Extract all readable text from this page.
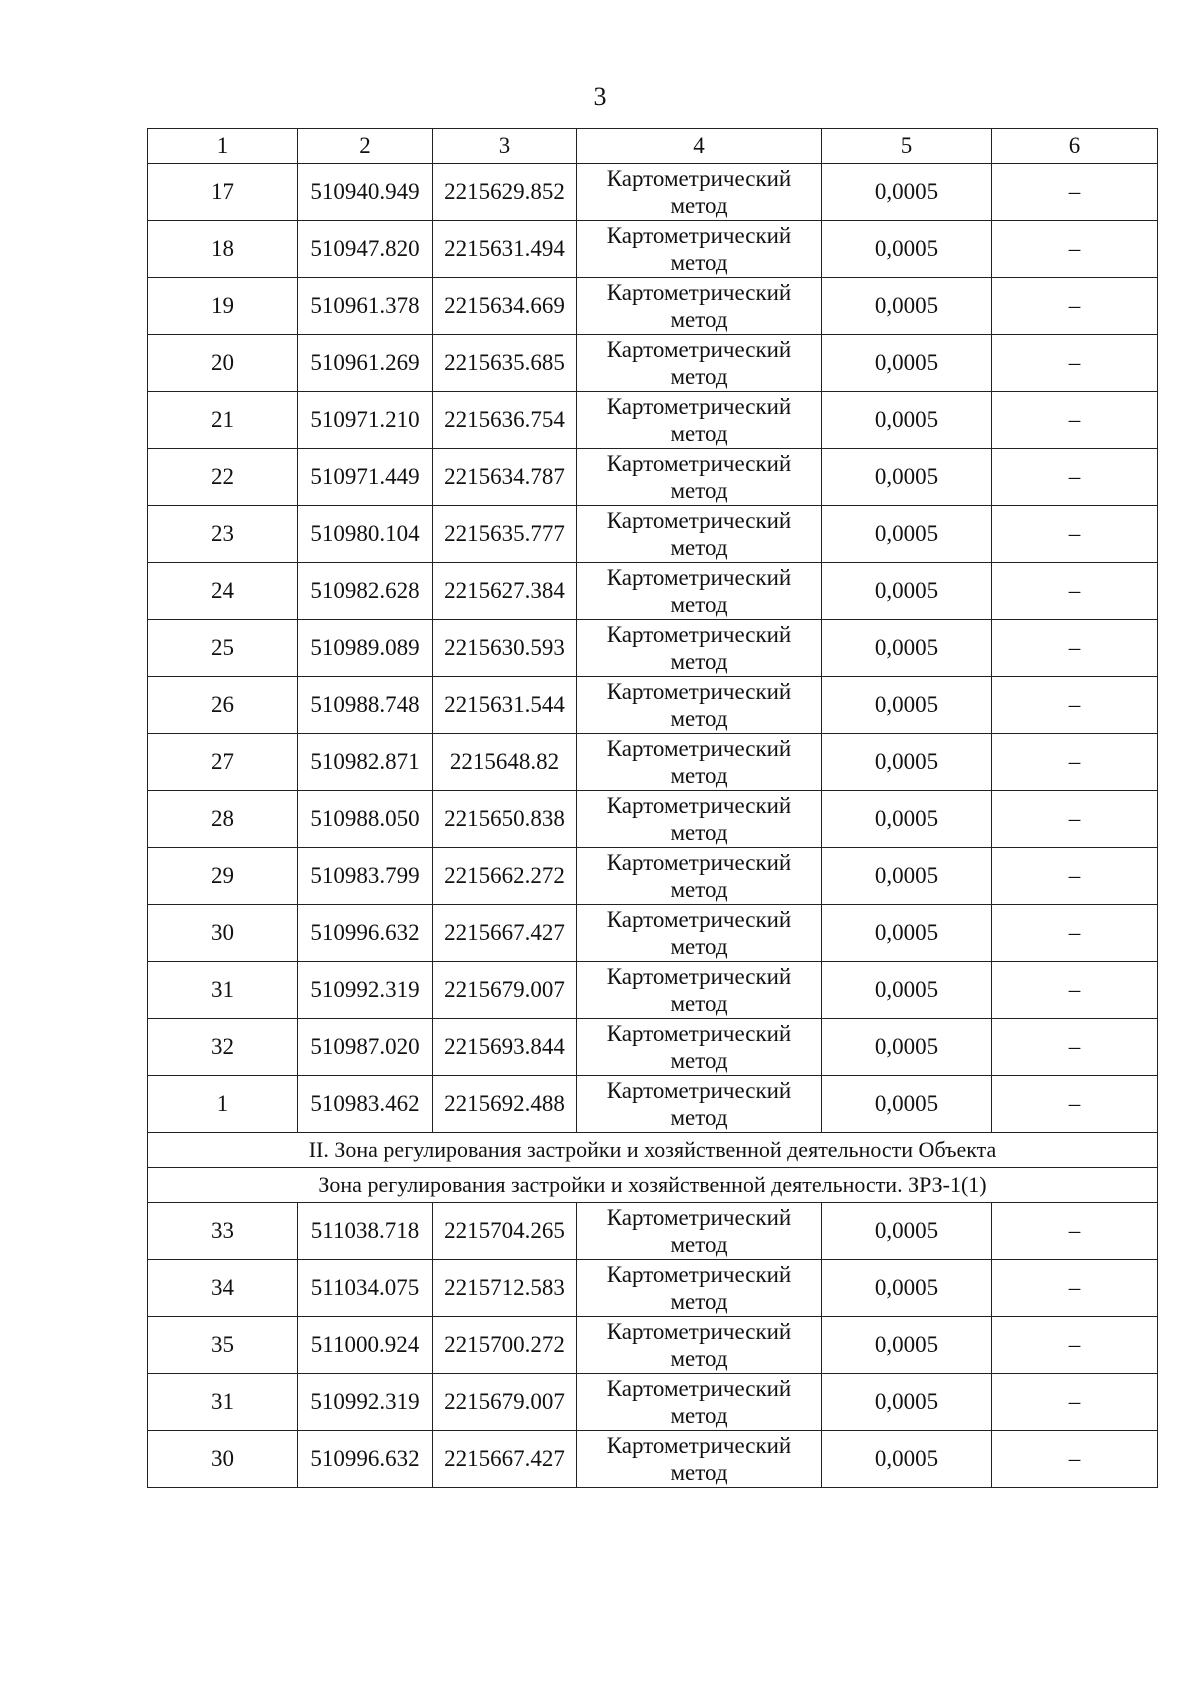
3
1	2	3	4	5	6
17	510940.949	2215629.852	Картометрический метод	0,0005	–
18	510947.820	2215631.494	Картометрический метод	0,0005	–
19	510961.378	2215634.669	Картометрический метод	0,0005	–
20	510961.269	2215635.685	Картометрический метод	0,0005	–
21	510971.210	2215636.754	Картометрический метод	0,0005	–
22	510971.449	2215634.787	Картометрический метод	0,0005	–
23	510980.104	2215635.777	Картометрический метод	0,0005	–
24	510982.628	2215627.384	Картометрический метод	0,0005	–
25	510989.089	2215630.593	Картометрический метод	0,0005	–
26	510988.748	2215631.544	Картометрический метод	0,0005	–
27	510982.871	2215648.82	Картометрический метод	0,0005	–
28	510988.050	2215650.838	Картометрический метод	0,0005	–
29	510983.799	2215662.272	Картометрический метод	0,0005	–
30	510996.632	2215667.427	Картометрический метод	0,0005	–
31	510992.319	2215679.007	Картометрический метод	0,0005	–
32	510987.020	2215693.844	Картометрический метод	0,0005	–
1	510983.462	2215692.488	Картометрический метод	0,0005	–
II. Зона регулирования застройки и хозяйственной деятельности Объекта					
Зона регулирования застройки и хозяйственной деятельности. ЗРЗ-1(1)					
33	511038.718	2215704.265	Картометрический метод	0,0005	–
34	511034.075	2215712.583	Картометрический метод	0,0005	–
35	511000.924	2215700.272	Картометрический метод	0,0005	–
31	510992.319	2215679.007	Картометрический метод	0,0005	–
30	510996.632	2215667.427	Картометрический метод	0,0005	–
